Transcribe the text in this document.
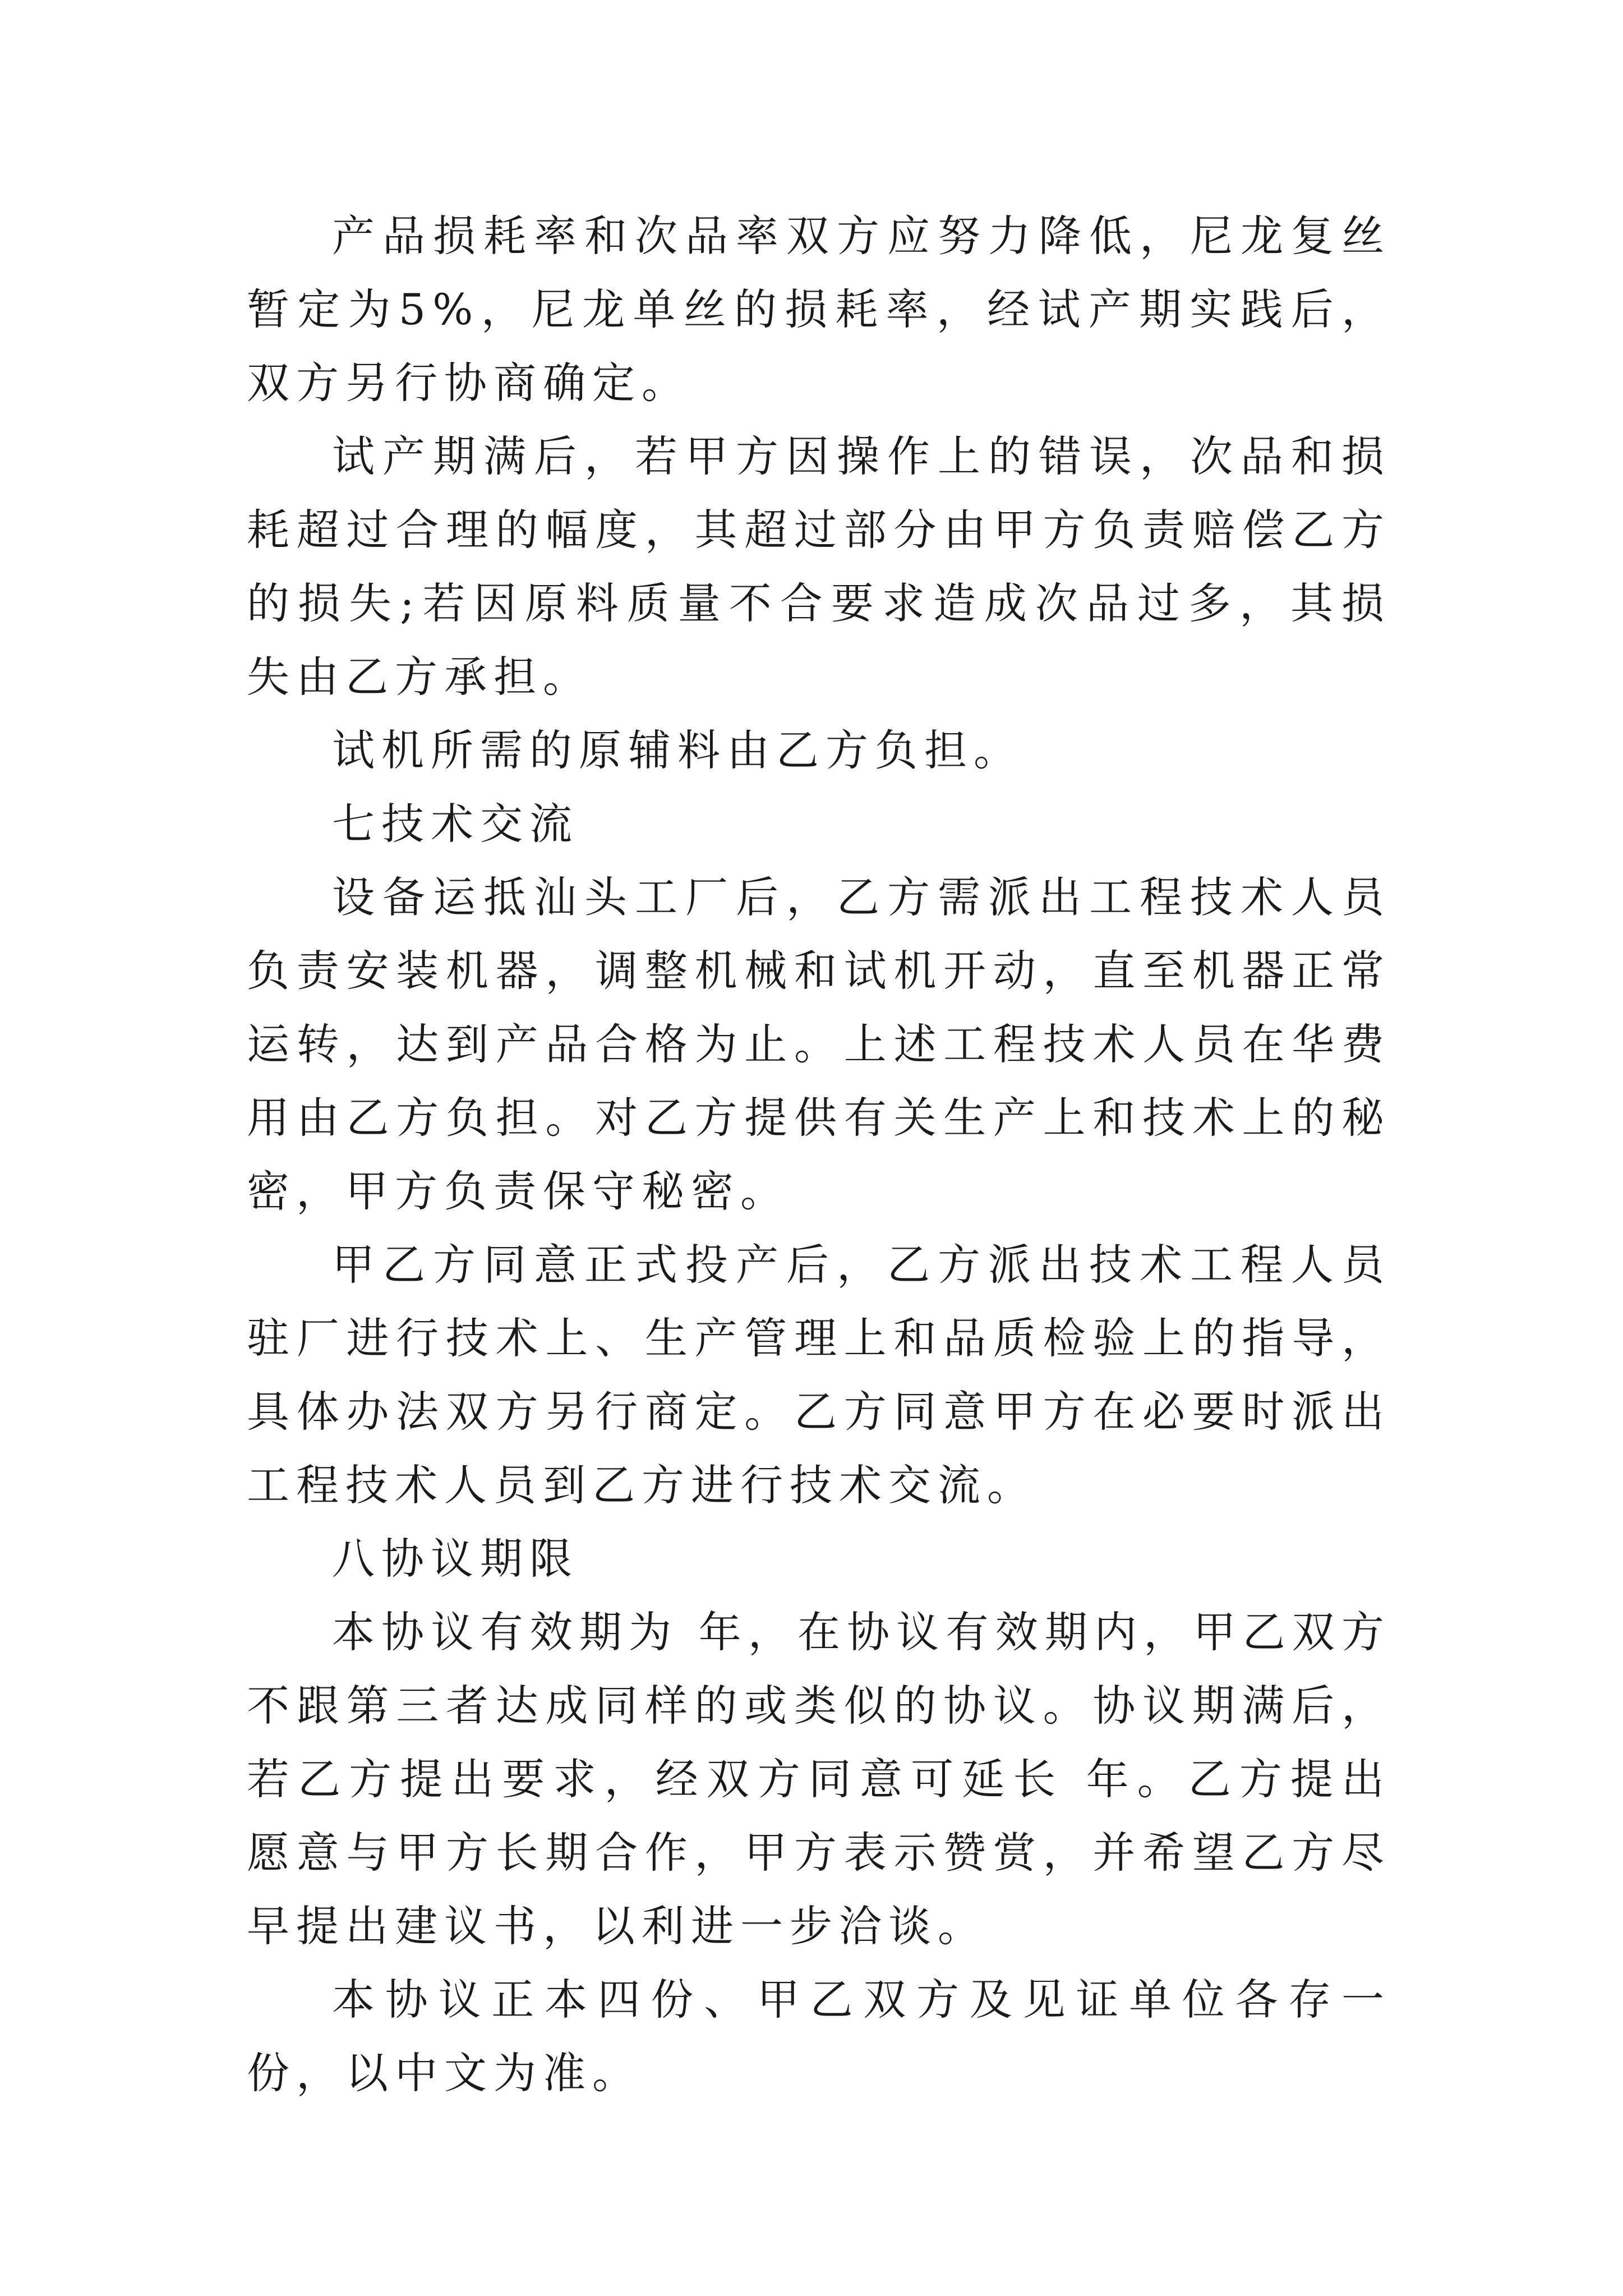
产品损耗率和次品率双方应努力降低，尼龙复丝暂定为5%，尼龙单丝的损耗率，经试产期实践后，双方另行协商确定。

试产期满后，若甲方因操作上的错误，次品和损耗超过合理的幅度，其超过部分由甲方负责赔偿乙方的损失;若因原料质量不合要求造成次品过多，其损失由乙方承担。

试机所需的原辅料由乙方负担。

七技术交流

设备运抵汕头工厂后，乙方需派出工程技术人员负责安装机器，调整机械和试机开动，直至机器正常运转，达到产品合格为止。上述工程技术人员在华费用由乙方负担。对乙方提供有关生产上和技术上的秘密，甲方负责保守秘密。

甲乙方同意正式投产后，乙方派出技术工程人员驻厂进行技术上、生产管理上和品质检验上的指导，具体办法双方另行商定。乙方同意甲方在必要时派出工程技术人员到乙方进行技术交流。

八协议期限

本协议有效期为 年，在协议有效期内，甲乙双方不跟第三者达成同样的或类似的协议。协议期满后，若乙方提出要求，经双方同意可延长 年。乙方提出愿意与甲方长期合作，甲方表示赞赏，并希望乙方尽早提出建议书，以利进一步洽谈。

本协议正本四份、甲乙双方及见证单位各存一份，以中文为准。
